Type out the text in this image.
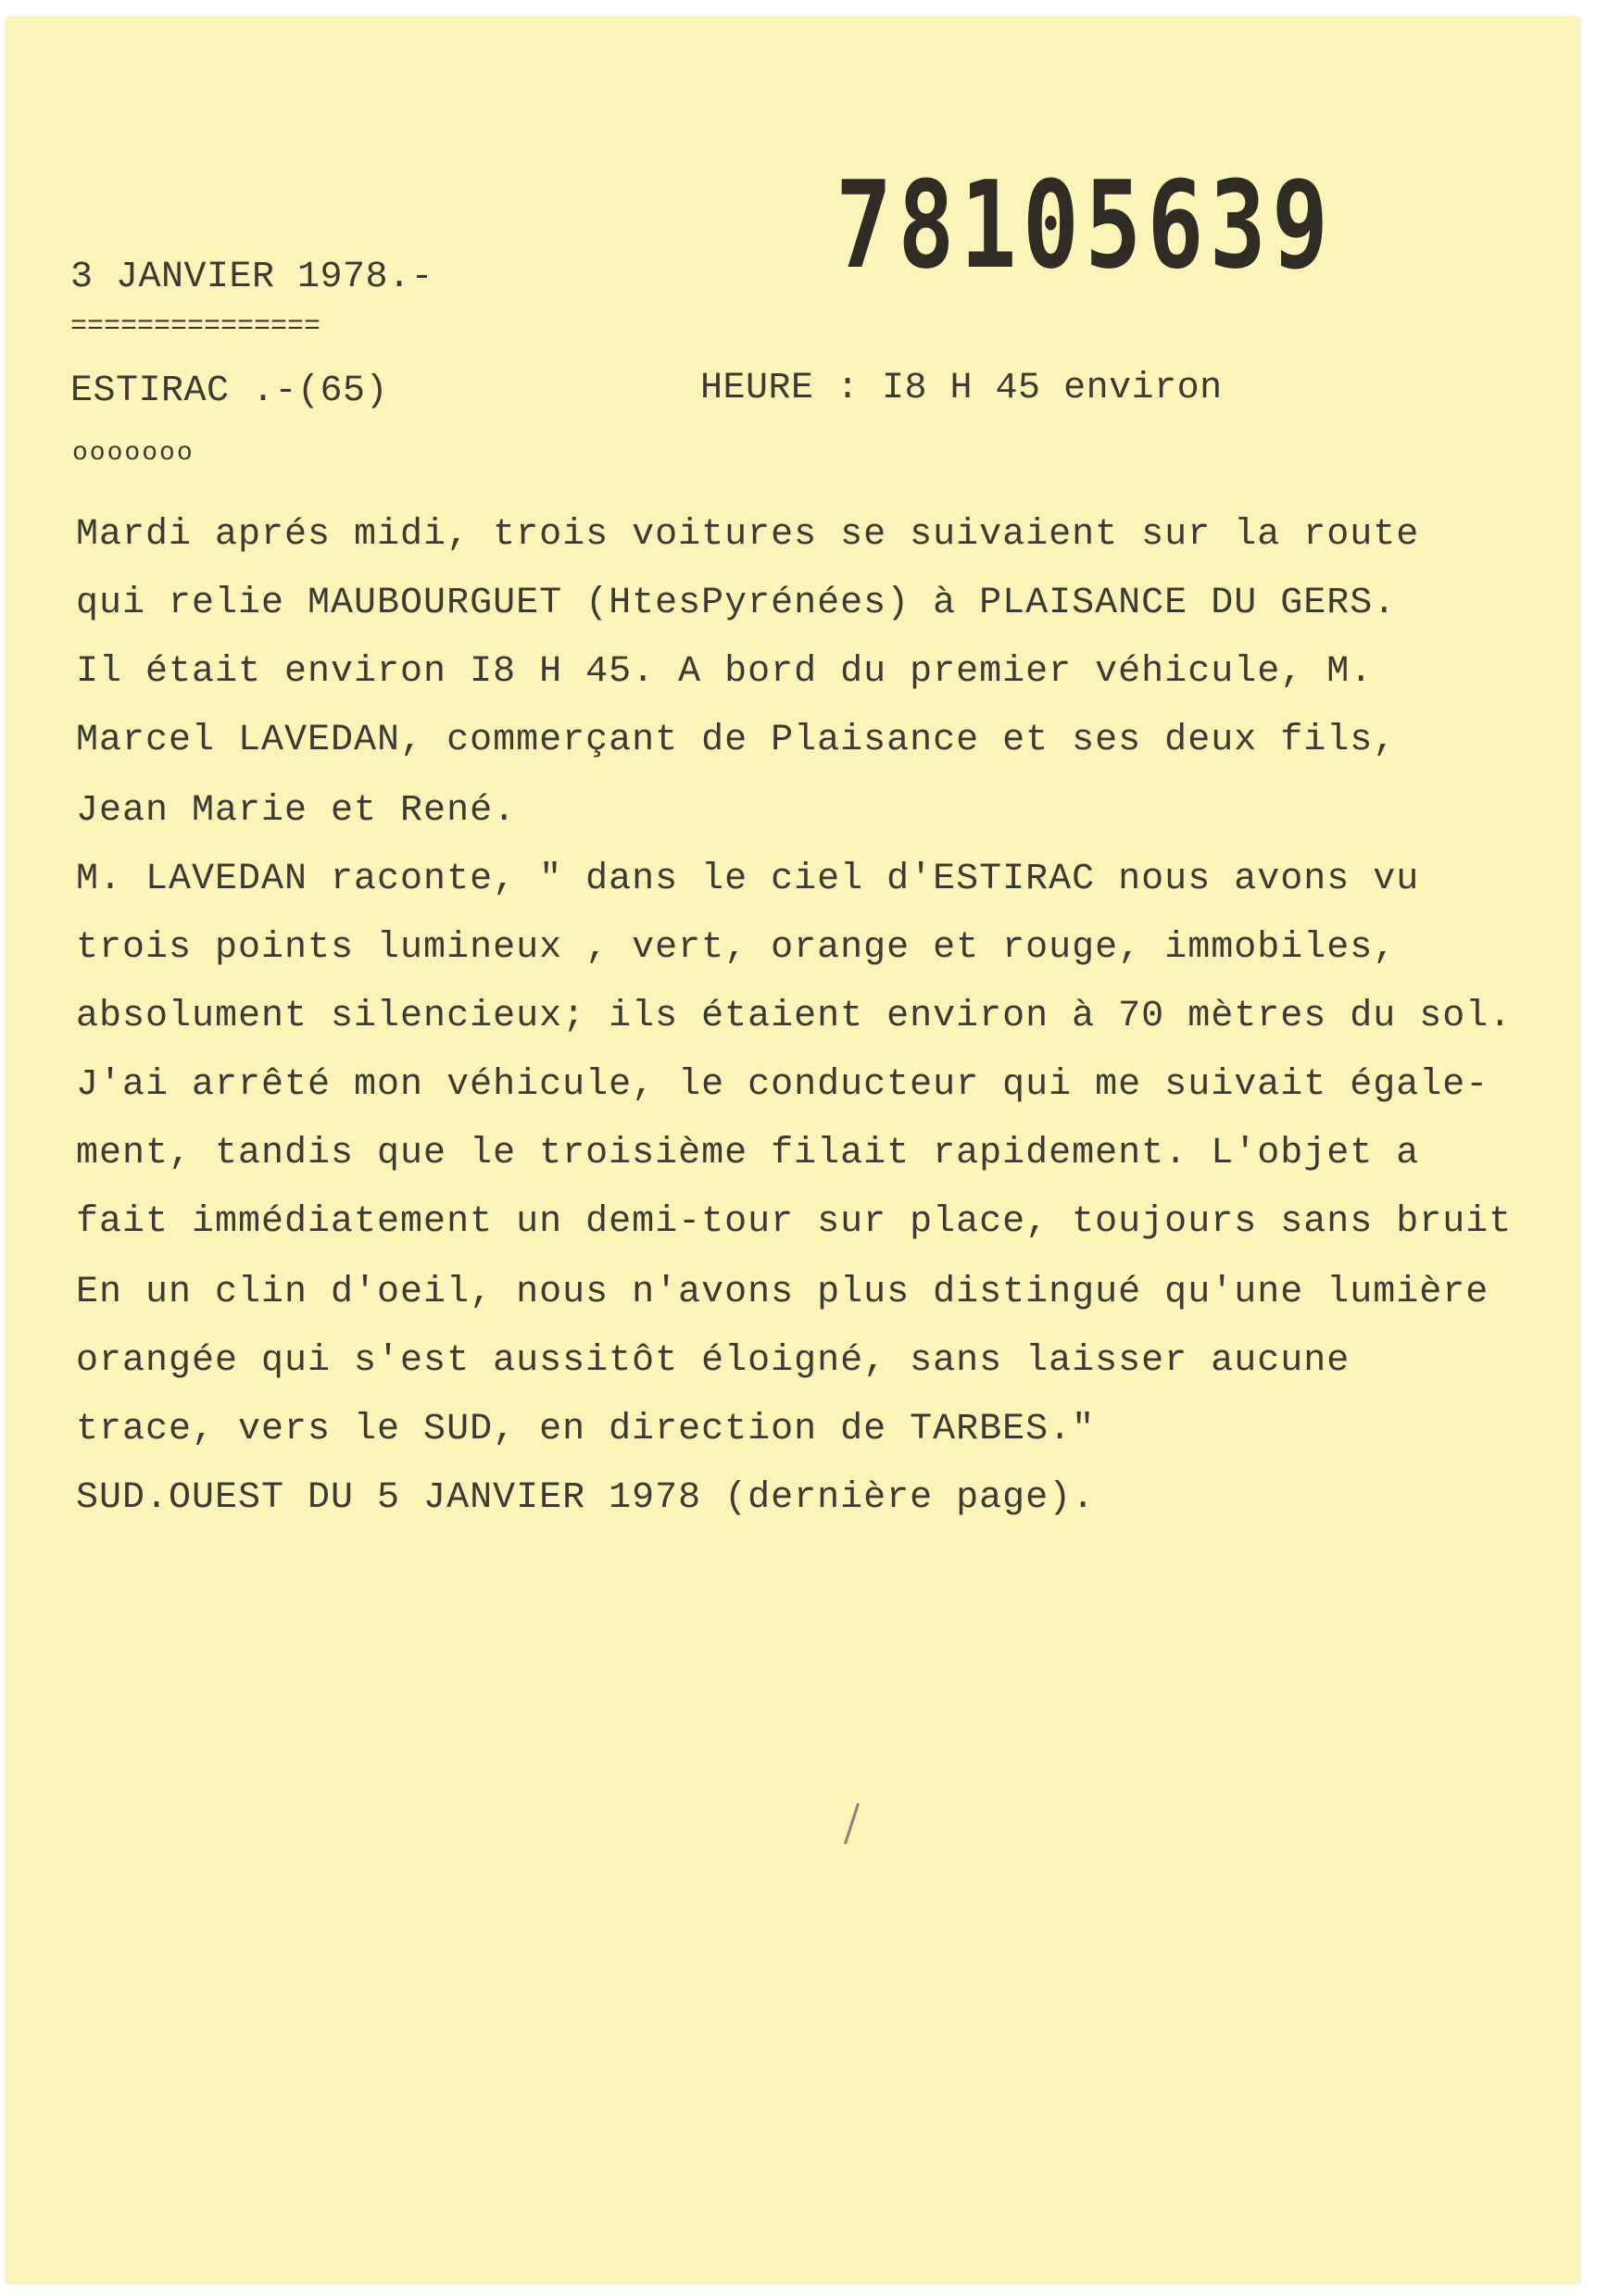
78105639
3 JANVIER 1978.-
===============
ESTIRAC .-(65)	HEURE : I8 H 45 environ
ooooooo
Mardi aprés midi, trois voitures se suivaient sur la route
qui relie MAUBOURGUET (HtesPyrénées) à PLAISANCE DU GERS.
Il était environ I8 H 45. A bord du premier véhicule, M.
Marcel LAVEDAN, commerçant de Plaisance et ses deux fils,
Jean Marie et René.
M. LAVEDAN raconte, " dans le ciel d'ESTIRAC nous avons vu
trois points lumineux , vert, orange et rouge, immobiles,
absolument silencieux; ils étaient environ à 70 mètres du sol.
J'ai arrêté mon véhicule, le conducteur qui me suivait égale-
ment, tandis que le troisième filait rapidement. L'objet a
fait immédiatement un demi-tour sur place, toujours sans bruit
En un clin d'oeil, nous n'avons plus distingué qu'une lumière
orangée qui s'est aussitôt éloigné, sans laisser aucune
trace, vers le SUD, en direction de TARBES."
SUD.OUEST DU 5 JANVIER 1978 (dernière page).
